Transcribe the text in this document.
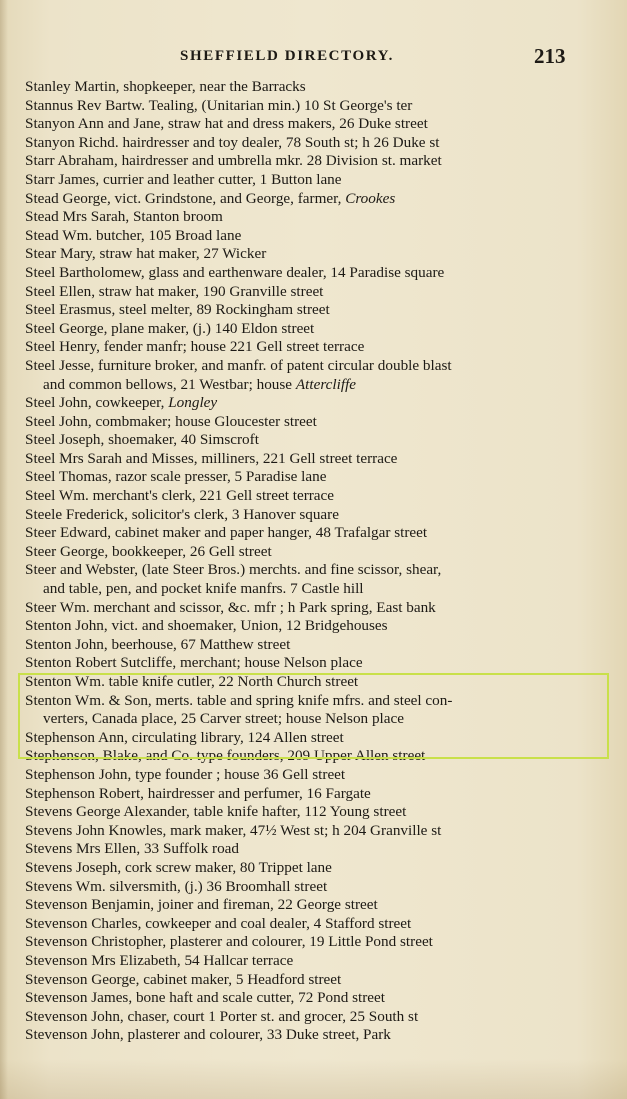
SHEFFIELD DIRECTORY.	213
Stanley Martin, shopkeeper, near the Barracks
Stannus Rev Bartw. Tealing, (Unitarian min.) 10 St George's ter
Stanyon Ann and Jane, straw hat and dress makers, 26 Duke street
Stanyon Richd. hairdresser and toy dealer, 78 South st; h 26 Duke st
Starr Abraham, hairdresser and umbrella mkr. 28 Division st. market
Starr James, currier and leather cutter, 1 Button lane
Stead George, vict. Grindstone, and George, farmer, Crookes
Stead Mrs Sarah, Stanton broom
Stead Wm. butcher, 105 Broad lane
Stear Mary, straw hat maker, 27 Wicker
Steel Bartholomew, glass and earthenware dealer, 14 Paradise square
Steel Ellen, straw hat maker, 190 Granville street
Steel Erasmus, steel melter, 89 Rockingham street
Steel George, plane maker, (j.) 140 Eldon street
Steel Henry, fender manfr; house 221 Gell street terrace
Steel Jesse, furniture broker, and manfr. of patent circular double blast
and common bellows, 21 Westbar; house Attercliffe
Steel John, cowkeeper, Longley
Steel John, combmaker; house Gloucester street
Steel Joseph, shoemaker, 40 Simscroft
Steel Mrs Sarah and Misses, milliners, 221 Gell street terrace
Steel Thomas, razor scale presser, 5 Paradise lane
Steel Wm. merchant's clerk, 221 Gell street terrace
Steele Frederick, solicitor's clerk, 3 Hanover square
Steer Edward, cabinet maker and paper hanger, 48 Trafalgar street
Steer George, bookkeeper, 26 Gell street
Steer and Webster, (late Steer Bros.) merchts. and fine scissor, shear,
and table, pen, and pocket knife manfrs. 7 Castle hill
Steer Wm. merchant and scissor, &c. mfr ; h Park spring, East bank
Stenton John, vict. and shoemaker, Union, 12 Bridgehouses
Stenton John, beerhouse, 67 Matthew street
Stenton Robert Sutcliffe, merchant; house Nelson place
Stenton Wm. table knife cutler, 22 North Church street
Stenton Wm. & Son, merts. table and spring knife mfrs. and steel con-
verters, Canada place, 25 Carver street; house Nelson place
Stephenson Ann, circulating library, 124 Allen street
Stephenson, Blake, and Co. type founders, 209 Upper Allen street
Stephenson John, type founder ; house 36 Gell street
Stephenson Robert, hairdresser and perfumer, 16 Fargate
Stevens George Alexander, table knife hafter, 112 Young street
Stevens John Knowles, mark maker, 47½ West st; h 204 Granville st
Stevens Mrs Ellen, 33 Suffolk road
Stevens Joseph, cork screw maker, 80 Trippet lane
Stevens Wm. silversmith, (j.) 36 Broomhall street
Stevenson Benjamin, joiner and fireman, 22 George street
Stevenson Charles, cowkeeper and coal dealer, 4 Stafford street
Stevenson Christopher, plasterer and colourer, 19 Little Pond street
Stevenson Mrs Elizabeth, 54 Hallcar terrace
Stevenson George, cabinet maker, 5 Headford street
Stevenson James, bone haft and scale cutter, 72 Pond street
Stevenson John, chaser, court 1 Porter st. and grocer, 25 South st
Stevenson John, plasterer and colourer, 33 Duke street, Park
